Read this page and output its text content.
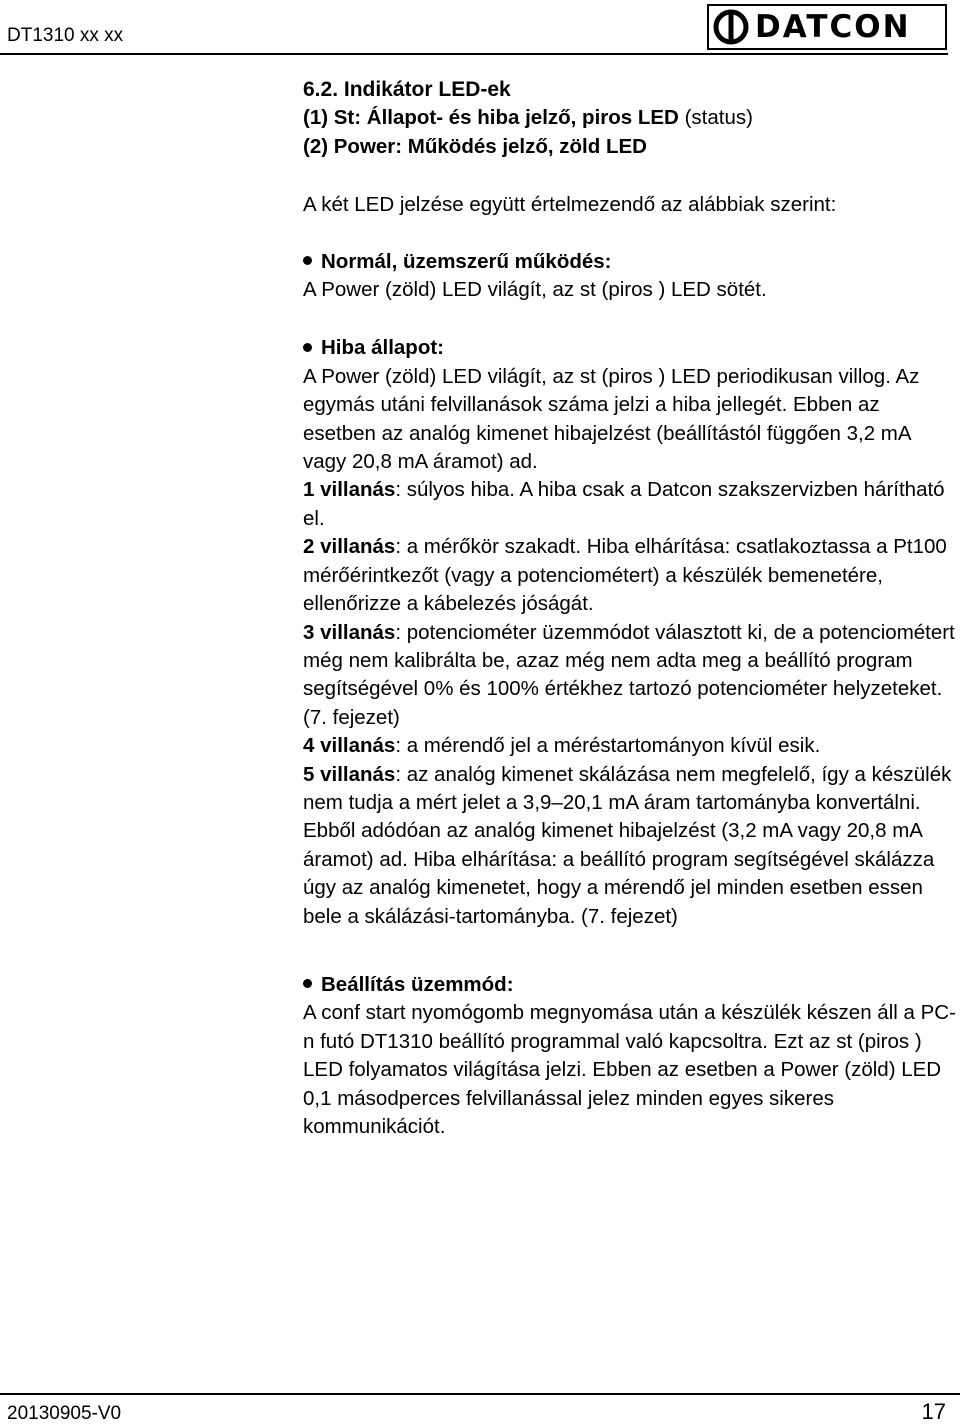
DT1310 xx xx	DATCON

6.2. Indikátor LED-ek

(1) St: Állapot- és hiba jelző, piros LED (status)

(2) Power: Működés jelző, zöld LED

A két LED jelzése együtt értelmezendő az alábbiak szerint:

Normál, üzemszerű működés:

A Power (zöld) LED világít, az st (piros ) LED sötét.

Hiba állapot:

A Power (zöld) LED világít, az st (piros ) LED periodikusan villog. Az egymás utáni felvillanások száma jelzi a hiba jellegét. Ebben az esetben az analóg kimenet hibajelzést (beállítástól függően 3,2 mA vagy 20,8 mA áramot) ad.

1 villanás: súlyos hiba. A hiba csak a Datcon szakszervizben hárítható el.

2 villanás: a mérőkör szakadt. Hiba elhárítása: csatlakoztassa a Pt100 mérőérintkezőt (vagy a potenciométert) a készülék bemenetére, ellenőrizze a kábelezés jóságát.

3 villanás: potenciométer üzemmódot választott ki, de a potenciométert még nem kalibrálta be, azaz még nem adta meg a beállító program segítségével 0% és 100% értékhez tartozó potenciométer helyzeteket. (7. fejezet)

4 villanás: a mérendő jel a méréstartományon kívül esik.

5 villanás: az analóg kimenet skálázása nem megfelelő, így a készülék nem tudja a mért jelet a 3,9–20,1 mA áram tartományba konvertálni. Ebből adódóan az analóg kimenet hibajelzést (3,2 mA vagy 20,8 mA áramot) ad. Hiba elhárítása: a beállító program segítségével skálázza úgy az analóg kimenetet, hogy a mérendő jel minden esetben essen bele a skálázási-tartományba. (7. fejezet)

Beállítás üzemmód:

A conf start nyomógomb megnyomása után a készülék készen áll a PC-n futó DT1310 beállító programmal való kapcsoltra. Ezt az st (piros ) LED folyamatos világítása jelzi. Ebben az esetben a Power (zöld) LED 0,1 másodperces felvillanással jelez minden egyes sikeres kommunikációt.

20130905-V0	17
